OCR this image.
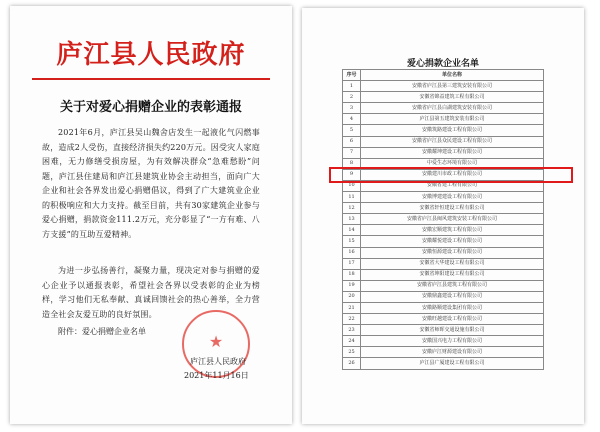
庐江县人民政府
关于对爱心捐赠企业的表彰通报

2021年6月，庐江县吴山魏舍店发生一起液化气闪燃事故，造成2人受伤，直接经济损失约220万元。因受灾人家庭困难，无力修缮受损房屋，为有效解决群众“急难愁盼”问题，庐江县住建局和庐江县建筑业协会主动担当，面向广大企业和社会各界发出爱心捐赠倡议，得到了广大建筑业企业的积极响应和大力支持。截至目前，共有30家建筑企业参与爱心捐赠，捐款资金111.2万元，充分彰显了“一方有难、八方支援”的互助互爱精神。

为进一步弘扬善行，凝聚力量，现决定对参与捐赠的爱心企业予以通报表彰，希望社会各界以受表彰的企业为榜样，学习他们无私奉献、真诚回馈社会的热心善举，全力营造全社会友爱互助的良好氛围。

附件：爱心捐赠企业名单
★
庐江县人民政府
2021年11月16日
爱心捐款企业名单
序号	单位名称
1	安徽省庐江县第三建筑安装有限公司
2	安徽省锦益建筑工程有限公司
3	安徽省庐江县白湖建筑安装有限公司
4	庐江县第五建筑安装有限公司
5	安徽筑路建设工程有限公司
6	安徽省庐江县众民建设工程有限公司
7	安徽耀坤建设工程有限公司
8	中爱生态环境有限公司
9	安徽建川市政工程有限公司
10	安徽省建工程有限公司
11	安徽博建建设工程有限公司
12	安徽省轩恒建设工程有限公司
13	安徽省庐江县闽风建筑安装工程有限公司
14	安徽宏顺建筑工程有限公司
15	安徽耀悦建设工程有限公司
16	安徽恒源建设工程有限公司
17	安徽省大华建设工程有限公司
18	安徽省坤阳建设工程有限公司
19	安徽省庐江县建筑工程有限公司
20	安徽鼎鑫建设工程有限公司
21	安徽路顺建设集团有限公司
22	安徽旺越建设工程有限公司
23	安徽省师晖交通设施有限公司
24	安徽国兴电力工程有限公司
25	安徽庐江财源建设有限公司
26	庐江县广厦建设工程有限公司
